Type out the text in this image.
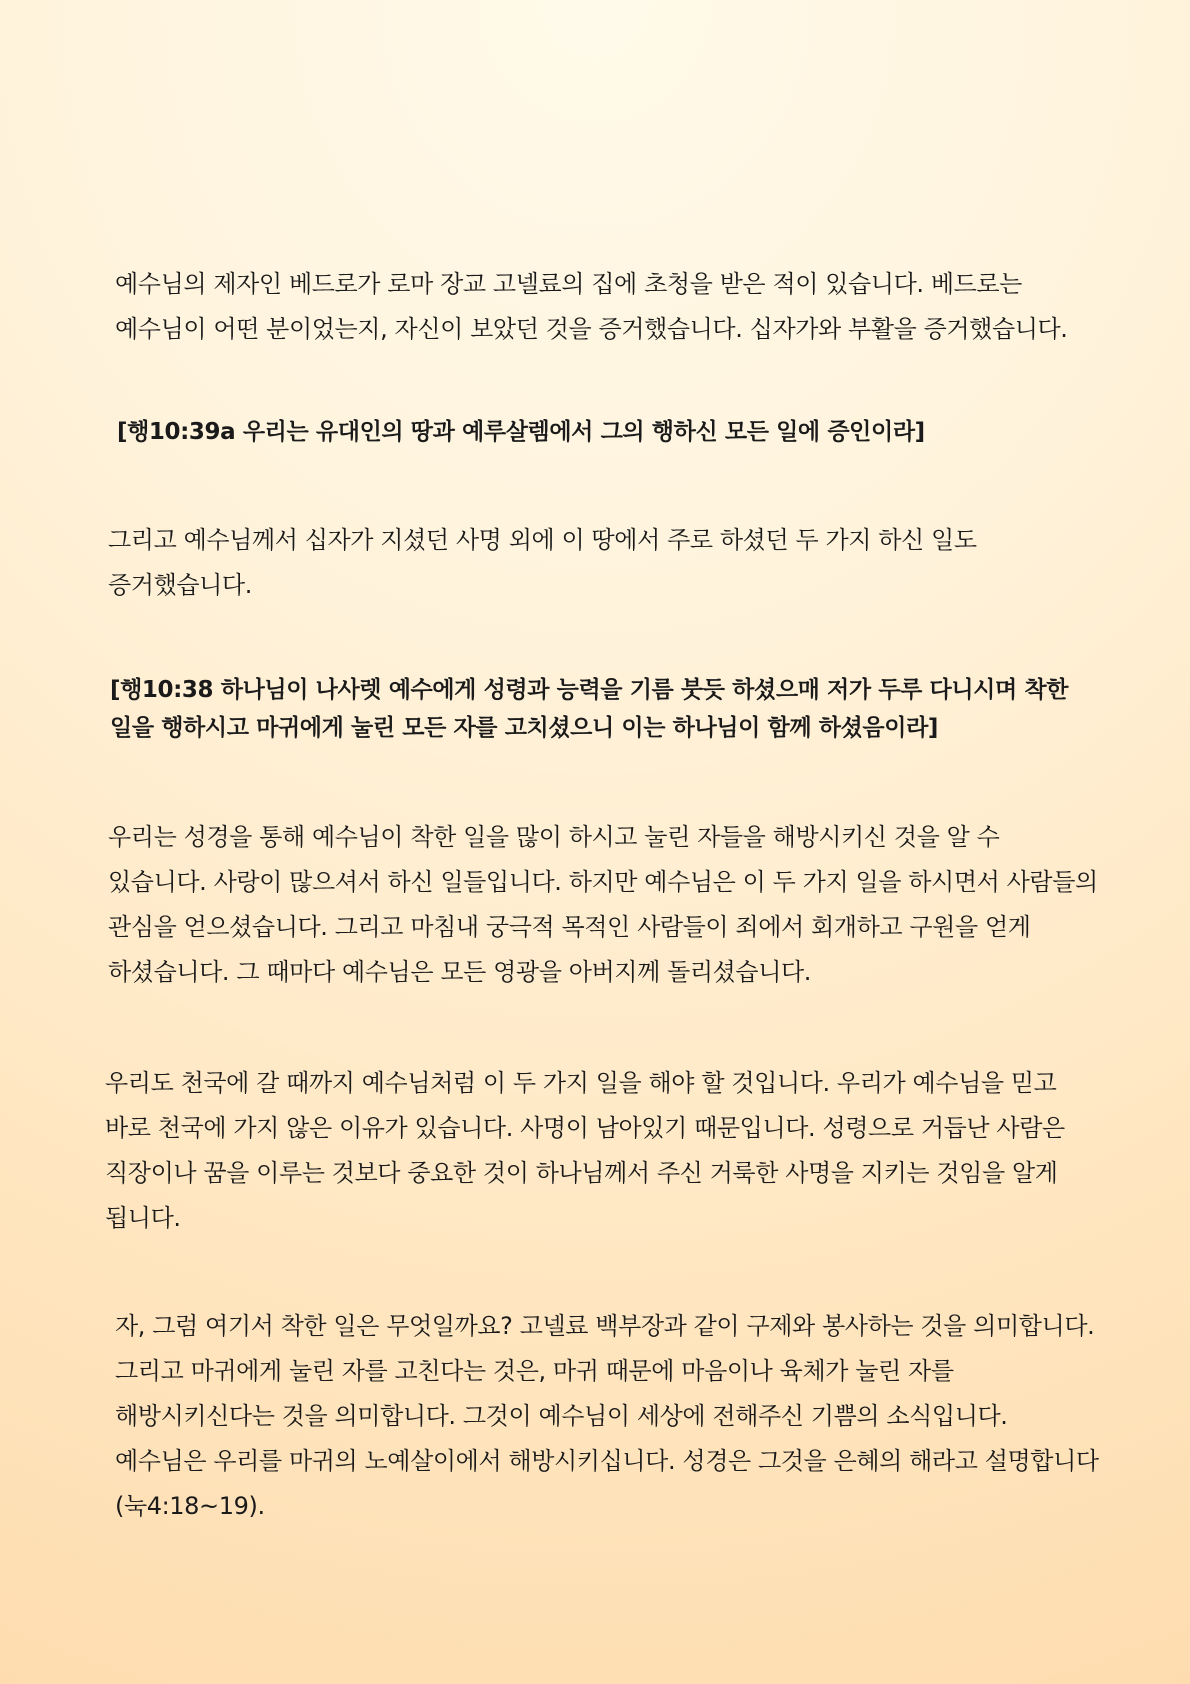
예수님의 제자인 베드로가 로마 장교 고넬료의 집에 초청을 받은 적이 있습니다. 베드로는 예수님이 어떤 분이었는지, 자신이 보았던 것을 증거했습니다. 십자가와 부활을 증거했습니다.

[행10:39a 우리는 유대인의 땅과 예루살렘에서 그의 행하신 모든 일에 증인이라]

그리고 예수님께서 십자가 지셨던 사명 외에 이 땅에서 주로 하셨던 두 가지 하신 일도 증거했습니다.

[행10:38 하나님이 나사렛 예수에게 성령과 능력을 기름 붓듯 하셨으매 저가 두루 다니시며 착한 일을 행하시고 마귀에게 눌린 모든 자를 고치셨으니 이는 하나님이 함께 하셨음이라]

우리는 성경을 통해 예수님이 착한 일을 많이 하시고 눌린 자들을 해방시키신 것을 알 수 있습니다. 사랑이 많으셔서 하신 일들입니다. 하지만 예수님은 이 두 가지 일을 하시면서 사람들의 관심을 얻으셨습니다. 그리고 마침내 궁극적 목적인 사람들이 죄에서 회개하고 구원을 얻게 하셨습니다. 그 때마다 예수님은 모든 영광을 아버지께 돌리셨습니다.

우리도 천국에 갈 때까지 예수님처럼 이 두 가지 일을 해야 할 것입니다. 우리가 예수님을 믿고 바로 천국에 가지 않은 이유가 있습니다. 사명이 남아있기 때문입니다. 성령으로 거듭난 사람은 직장이나 꿈을 이루는 것보다 중요한 것이 하나님께서 주신 거룩한 사명을 지키는 것임을 알게 됩니다.

자, 그럼 여기서 착한 일은 무엇일까요? 고넬료 백부장과 같이 구제와 봉사하는 것을 의미합니다. 그리고 마귀에게 눌린 자를 고친다는 것은, 마귀 때문에 마음이나 육체가 눌린 자를 해방시키신다는 것을 의미합니다. 그것이 예수님이 세상에 전해주신 기쁨의 소식입니다. 예수님은 우리를 마귀의 노예살이에서 해방시키십니다. 성경은 그것을 은혜의 해라고 설명합니다(눅4:18~19).
